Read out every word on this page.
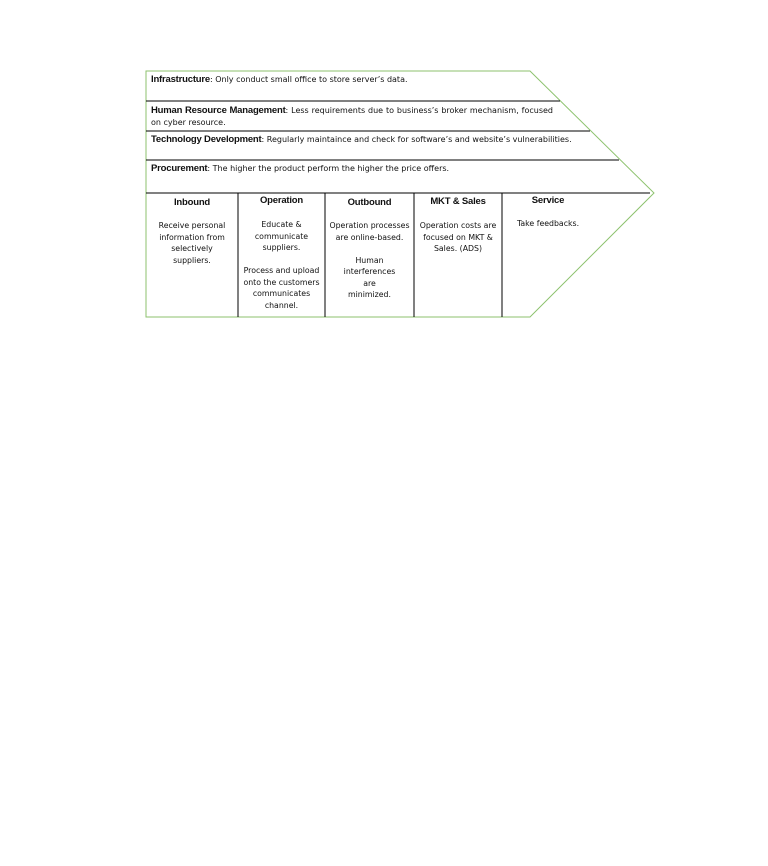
Infrastructure: Only conduct small office to store server’s data.
Human Resource Management: Less requirements due to business’s broker mechanism, focused on cyber resource.
Technology Development: Regularly maintaince and check for software’s and website’s vulnerabilities.
Procurement: The higher the product perform the higher the price offers.
Inbound

Receive personal information from selectively suppliers.

Operation

Educate & communicate suppliers.

Process and upload onto the customers communicates channel.

Outbound

Operation processes are online-based.

Human interferences are minimized.

MKT & Sales

Operation costs are focused on MKT & Sales. (ADS)

Service

Take feedbacks.
